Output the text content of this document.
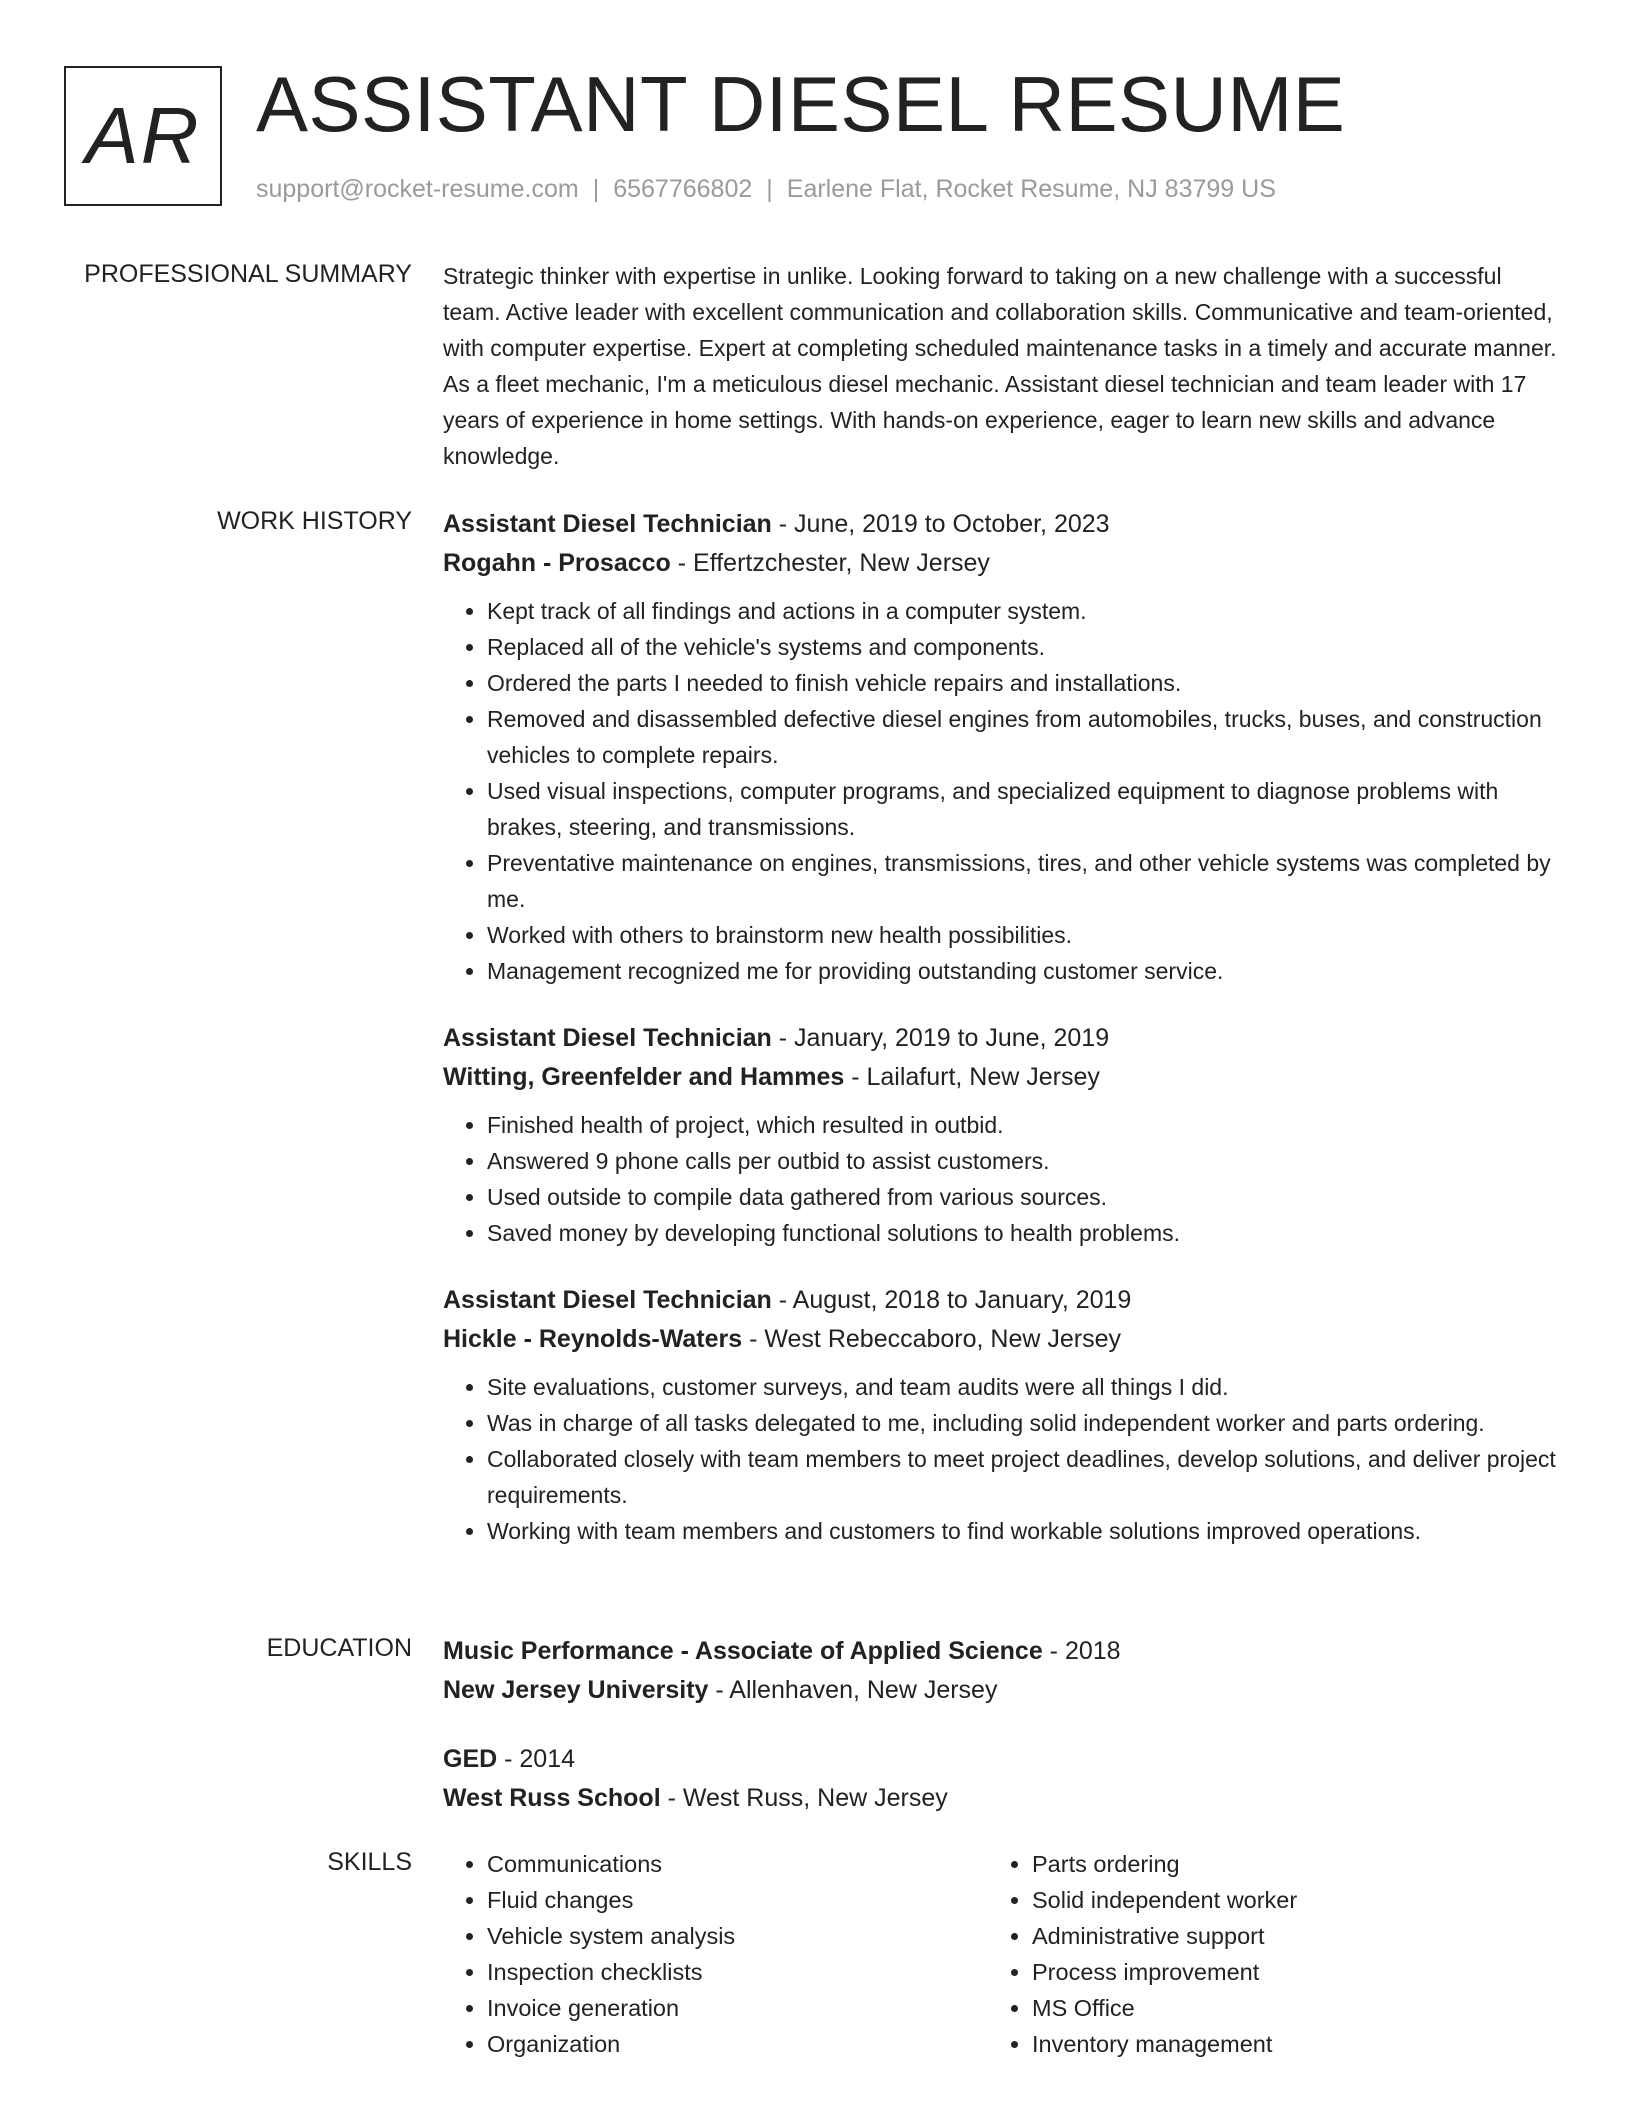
AR ASSISTANT DIESEL RESUME
support@rocket-resume.com | 6567766802 | Earlene Flat, Rocket Resume, NJ 83799 US
PROFESSIONAL SUMMARY Strategic thinker with expertise in unlike. Looking forward to taking on a new challenge with a successful team. Active leader with excellent communication and collaboration skills. Communicative and team-oriented, with computer expertise. Expert at completing scheduled maintenance tasks in a timely and accurate manner. As a fleet mechanic, I'm a meticulous diesel mechanic. Assistant diesel technician and team leader with 17 years of experience in home settings. With hands-on experience, eager to learn new skills and advance knowledge.

WORK HISTORY Assistant Diesel Technician - June, 2019 to October, 2023
Rogahn - Prosacco - Effertzchester, New Jersey
• Kept track of all findings and actions in a computer system.
• Replaced all of the vehicle's systems and components.
• Ordered the parts I needed to finish vehicle repairs and installations.
• Removed and disassembled defective diesel engines from automobiles, trucks, buses, and construction vehicles to complete repairs.
• Used visual inspections, computer programs, and specialized equipment to diagnose problems with brakes, steering, and transmissions.
• Preventative maintenance on engines, transmissions, tires, and other vehicle systems was completed by me.
• Worked with others to brainstorm new health possibilities.
• Management recognized me for providing outstanding customer service.
Assistant Diesel Technician - January, 2019 to June, 2019
Witting, Greenfelder and Hammes - Lailafurt, New Jersey
• Finished health of project, which resulted in outbid.
• Answered 9 phone calls per outbid to assist customers.
• Used outside to compile data gathered from various sources.
• Saved money by developing functional solutions to health problems.
Assistant Diesel Technician - August, 2018 to January, 2019
Hickle - Reynolds-Waters - West Rebeccaboro, New Jersey
• Site evaluations, customer surveys, and team audits were all things I did.
• Was in charge of all tasks delegated to me, including solid independent worker and parts ordering.
• Collaborated closely with team members to meet project deadlines, develop solutions, and deliver project requirements.
• Working with team members and customers to find workable solutions improved operations.
EDUCATION Music Performance - Associate of Applied Science - 2018
New Jersey University - Allenhaven, New Jersey
GED - 2014
West Russ School - West Russ, New Jersey
SKILLS
•	Communications
• Fluid changes
• Vehicle system analysis
• Inspection checklists
• Invoice generation
• Organization
• Parts ordering
• Solid independent worker
• Administrative support
• Process improvement
• MS Office
• Inventory management
